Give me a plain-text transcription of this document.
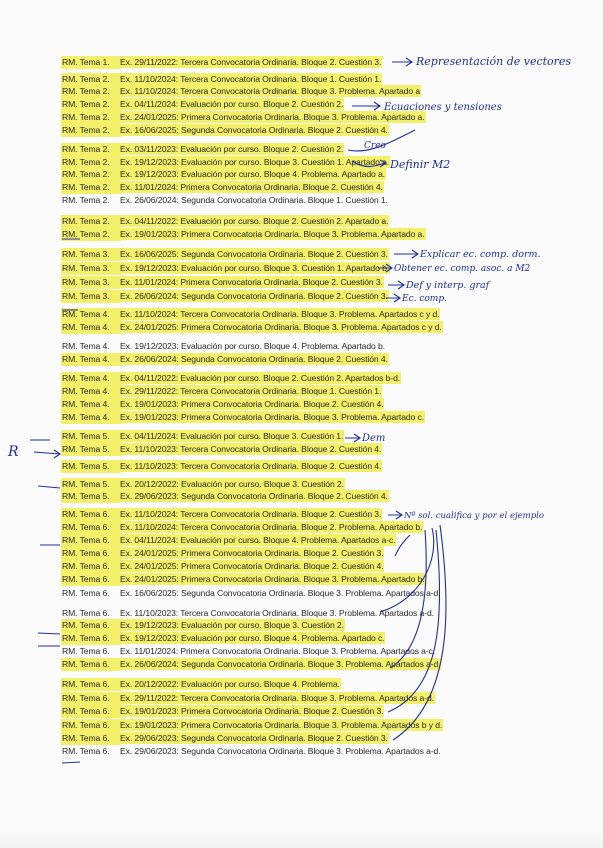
RM. Tema 1. Ex. 29/11/2022: Tercera Convocatoria Ordinaria. Bloque 2. Cuestión 3.
RM. Tema 2. Ex. 11/10/2024: Tercera Convocatoria Ordinaria. Bloque 1. Cuestión 1.
RM. Tema 2. Ex. 11/10/2024: Tercera Convocatoria Ordinaria. Bloque 3. Problema. Apartado a
RM. Tema 2. Ex. 04/11/2024: Evaluación por curso. Bloque 2. Cuestión 2.
RM. Tema 2. Ex. 24/01/2025: Primera Convocatoria Ordinaria. Bloque 3. Problema. Apartado a.
RM. Tema 2. Ex. 16/06/2025: Segunda Convocatoria Ordinaria. Bloque 2. Cuestión 4.
RM. Tema 2. Ex. 03/11/2023: Evaluación por curso. Bloque 2. Cuestión 2.
RM. Tema 2. Ex. 19/12/2023: Evaluación por curso. Bloque 3. Cuestión 1. Apartado a.
RM. Tema 2. Ex. 19/12/2023: Evaluación por curso. Bloque 4. Problema. Apartado a.
RM. Tema 2. Ex. 11/01/2024: Primera Convocatoria Ordinaria. Bloque 2. Cuestión 4.
RM. Tema 2. Ex. 26/06/2024: Segunda Convocatoria Ordinaria. Bloque 1. Cuestión 1.
RM. Tema 2. Ex. 04/11/2022: Evaluación por curso. Bloque 2. Cuestión 2. Apartado a.
RM. Tema 2. Ex. 19/01/2023: Primera Convocatoria Ordinaria. Bloque 3. Problema. Apartado a.
RM. Tema 3. Ex. 16/06/2025: Segunda Convocatoria Ordinaria. Bloque 2. Cuestión 3.
RM. Tema 3. Ex. 19/12/2023: Evaluación por curso. Bloque 3. Cuestión 1. Apartado b.
RM. Tema 3. Ex. 11/01/2024: Primera Convocatoria Ordinaria. Bloque 2. Cuestión 3.
RM. Tema 3. Ex. 26/06/2024: Segunda Convocatoria Ordinaria. Bloque 2. Cuestión 3.
RM. Tema 4. Ex. 11/10/2024: Tercera Convocatoria Ordinaria. Bloque 3. Problema. Apartados c y d.
RM. Tema 4. Ex. 24/01/2025: Primera Convocatoria Ordinaria. Bloque 3. Problema. Apartados c y d.
RM. Tema 4. Ex. 19/12/2023: Evaluación por curso. Bloque 4. Problema. Apartado b.
RM. Tema 4. Ex. 26/06/2024: Segunda Convocatoria Ordinaria. Bloque 2. Cuestión 4.
RM. Tema 4. Ex. 04/11/2022: Evaluación por curso. Bloque 2. Cuestión 2. Apartados b-d.
RM. Tema 4. Ex. 29/11/2022: Tercera Convocatoria Ordinaria. Bloque 1. Cuestión 1.
RM. Tema 4. Ex. 19/01/2023: Primera Convocatoria Ordinaria. Bloque 2. Cuestión 4.
RM. Tema 4. Ex. 19/01/2023: Primera Convocatoria Ordinaria. Bloque 3. Problema. Apartado c.
RM. Tema 5. Ex. 04/11/2024: Evaluación por curso. Bloque 3. Cuestión 1.
RM. Tema 5. Ex. 11/10/2023: Tercera Convocatoria Ordinaria. Bloque 2. Cuestión 4.
RM. Tema 5. Ex. 11/10/2023: Tercera Convocatoria Ordinaria. Bloque 2. Cuestión 4.
RM. Tema 5. Ex. 20/12/2022: Evaluación por curso. Bloque 3. Cuestión 2.
RM. Tema 5. Ex. 29/06/2023: Segunda Convocatoria Ordinaria. Bloque 2. Cuestión 4.
RM. Tema 6. Ex. 11/10/2024: Tercera Convocatoria Ordinaria. Bloque 2. Cuestión 3.
RM. Tema 6. Ex. 11/10/2024: Tercera Convocatoria Ordinaria. Bloque 2. Problema. Apartado b.
RM. Tema 6. Ex. 04/11/2024: Evaluación por curso. Bloque 4. Problema. Apartados a-c.
RM. Tema 6. Ex. 24/01/2025: Primera Convocatoria Ordinaria. Bloque 2. Cuestión 3.
RM. Tema 6. Ex. 24/01/2025: Primera Convocatoria Ordinaria. Bloque 2. Cuestión 4.
RM. Tema 6. Ex. 24/01/2025: Primera Convocatoria Ordinaria. Bloque 3. Problema. Apartado b.
RM. Tema 6. Ex. 16/06/2025: Segunda Convocatoria Ordinaria. Bloque 3. Problema. Apartados a-d.
RM. Tema 6. Ex. 11/10/2023: Tercera Convocatoria Ordinaria. Bloque 3. Problema. Apartados a-d.
RM. Tema 6. Ex. 19/12/2023: Evaluación por curso. Bloque 3. Cuestión 2.
RM. Tema 6. Ex. 19/12/2023: Evaluación por curso. Bloque 4. Problema. Apartado c.
RM. Tema 6. Ex. 11/01/2024: Primera Convocatoria Ordinaria. Bloque 3. Problema. Apartados a-c.
RM. Tema 6. Ex. 26/06/2024: Segunda Convocatoria Ordinaria. Bloque 3. Problema. Apartados a-d.
RM. Tema 6. Ex. 20/12/2022: Evaluación por curso. Bloque 4. Problema.
RM. Tema 6. Ex. 29/11/2022: Tercera Convocatoria Ordinaria. Bloque 3. Problema. Apartados a-d.
RM. Tema 6. Ex. 19/01/2023: Primera Convocatoria Ordinaria. Bloque 2. Cuestión 3.
RM. Tema 6. Ex. 19/01/2023: Primera Convocatoria Ordinaria. Bloque 3. Problema. Apartados b y d.
RM. Tema 6. Ex. 29/06/2023: Segunda Convocatoria Ordinaria. Bloque 2. Cuestión 3.
RM. Tema 6. Ex. 29/06/2023: Segunda Convocatoria Ordinaria. Bloque 3. Problema. Apartados a-d.
Representación de vectores
Ecuaciones y tensiones
Creo
Definir M2
Explicar ec. comp. dorm.
Obtener ec. comp. asoc. a M2
Def y interp. graf
Ec. comp.
Dem
R
Nº sol. cualifica y por el ejemplo
